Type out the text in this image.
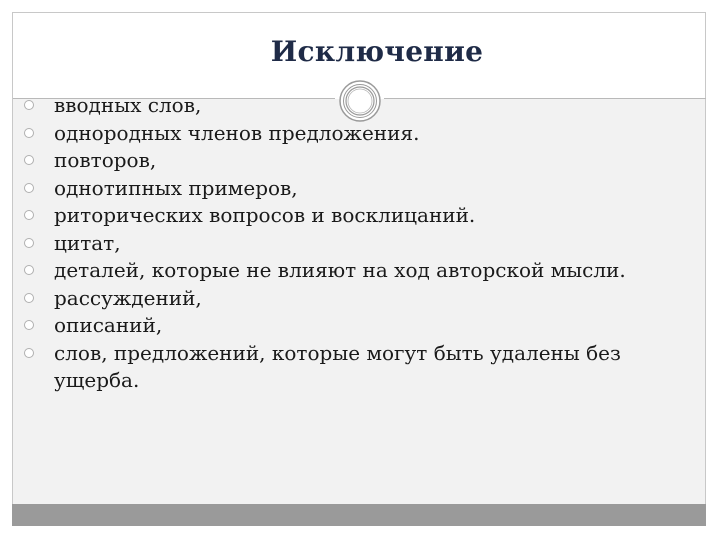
Исключение
вводных слов,
однородных членов предложения.
повторов,
однотипных примеров,
риторических вопросов и восклицаний.
цитат,
деталей, которые не влияют на ход авторской мысли.
рассуждений,
описаний,
слов, предложений, которые могут быть удалены без ущерба.
